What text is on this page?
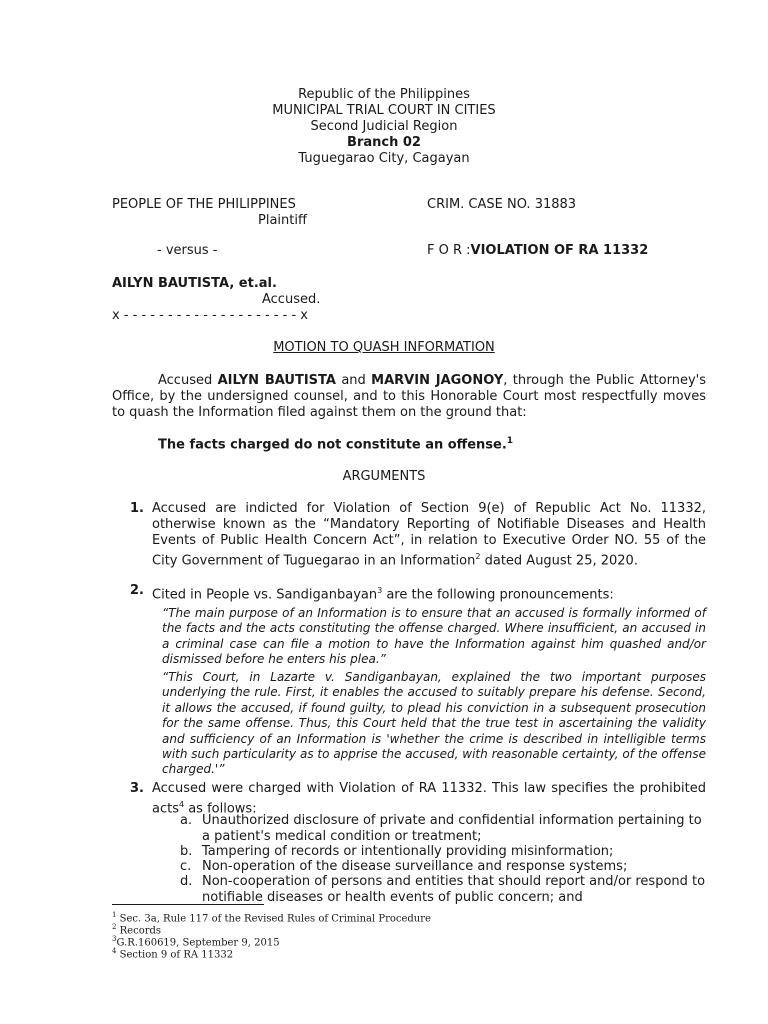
Republic of the Philippines
MUNICIPAL TRIAL COURT IN CITIES
Second Judicial Region
Branch 02
Tuguegarao City, Cagayan
PEOPLE OF THE PHILIPPINES
Plaintiff
CRIM. CASE NO. 31883
- versus -	F O R :VIOLATION OF RA 11332
AILYN BAUTISTA, et.al.
Accused.
x - - - - - - - - - - - - - - - - - - - - x
MOTION TO QUASH INFORMATION
Accused AILYN BAUTISTA and MARVIN JAGONOY, through the Public Attorney's Office, by the undersigned counsel, and to this Honorable Court most respectfully moves to quash the Information filed against them on the ground that:
The facts charged do not constitute an offense.$^1$
ARGUMENTS
1. Accused are indicted for Violation of Section 9(e) of Republic Act No. 11332, otherwise known as the “Mandatory Reporting of Notifiable Diseases and Health Events of Public Health Concern Act”, in relation to Executive Order NO. 55 of the City Government of Tuguegarao in an Information$^2$ dated August 25, 2020.
2. Cited in People vs. Sandiganbayan$^3$ are the following pronouncements:
“The main purpose of an Information is to ensure that an accused is formally informed of the facts and the acts constituting the offense charged. Where insufficient, an accused in a criminal case can file a motion to have the Information against him quashed and/or dismissed before he enters his plea.”
“This Court, in Lazarte v. Sandiganbayan, explained the two important purposes underlying the rule. First, it enables the accused to suitably prepare his defense. Second, it allows the accused, if found guilty, to plead his conviction in a subsequent prosecution for the same offense. Thus, this Court held that the true test in ascertaining the validity and sufficiency of an Information is 'whether the crime is described in intelligible terms with such particularity as to apprise the accused, with reasonable certainty, of the offense charged.'”
3. Accused were charged with Violation of RA 11332. This law specifies the prohibited acts$^4$ as follows:
a. Unauthorized disclosure of private and confidential information pertaining to a patient's medical condition or treatment;
b. Tampering of records or intentionally providing misinformation;
c. Non-operation of the disease surveillance and response systems;
d. Non-cooperation of persons and entities that should report and/or respond to notifiable diseases or health events of public concern; and
$^1$ Sec. 3a, Rule 117 of the Revised Rules of Criminal Procedure
$^2$ Records
$^3$G.R.160619, September 9, 2015
$^4$ Section 9 of RA 11332
